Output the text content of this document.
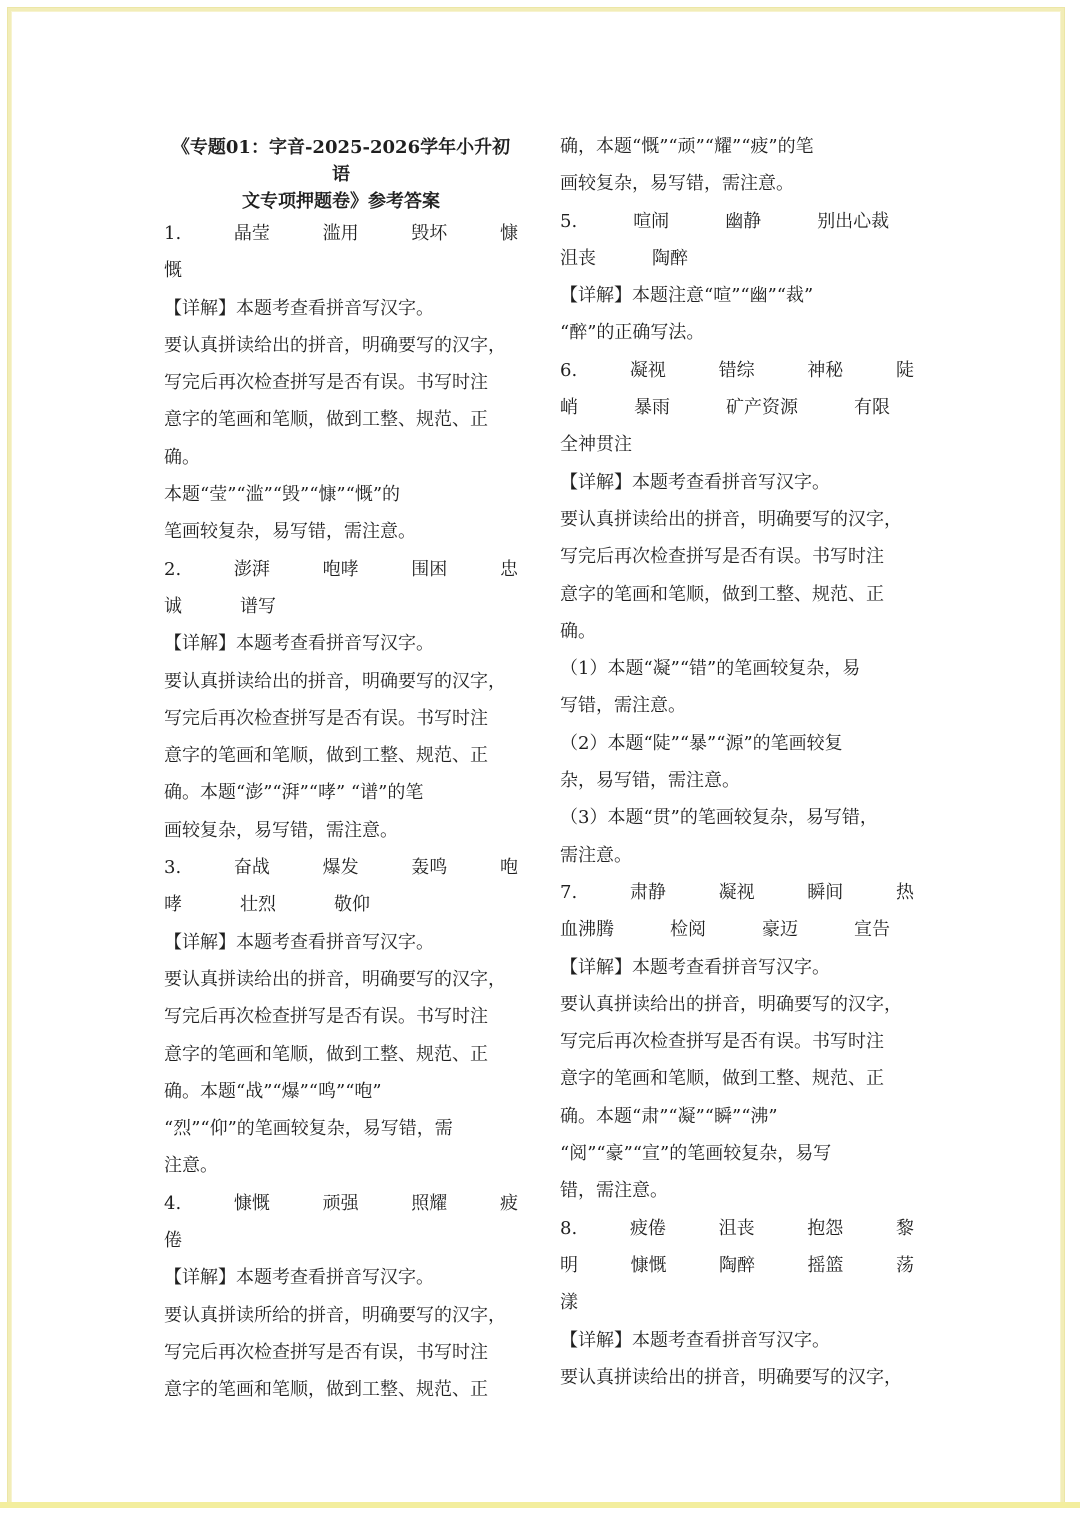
《专题01：字音-2025-2026学年小升初语
文专项押题卷》参考答案
1.	晶莹	滥用	毁坏	慷
慨
【详解】本题考查看拼音写汉字。
要认真拼读给出的拼音，明确要写的汉字，
写完后再次检查拼写是否有误。书写时注
意字的笔画和笔顺，做到工整、规范、正
确。
本题“莹”“滥”“毁”“慷”“慨”的
笔画较复杂，易写错，需注意。
2.	澎湃	咆哮	围困	忠
诚	谱写
【详解】本题考查看拼音写汉字。
要认真拼读给出的拼音，明确要写的汉字，
写完后再次检查拼写是否有误。书写时注
意字的笔画和笔顺，做到工整、规范、正
确。本题“澎”“湃”“哮” “谱”的笔
画较复杂，易写错，需注意。
3.	奋战	爆发	轰鸣	咆
哮	壮烈	敬仰
【详解】本题考查看拼音写汉字。
要认真拼读给出的拼音，明确要写的汉字，
写完后再次检查拼写是否有误。书写时注
意字的笔画和笔顺，做到工整、规范、正
确。本题“战”“爆”“鸣”“咆”
“烈”“仰”的笔画较复杂，易写错，需
注意。
4.	慷慨	顽强	照耀	疲
倦
【详解】本题考查看拼音写汉字。
要认真拼读所给的拼音，明确要写的汉字，
写完后再次检查拼写是否有误，书写时注
意字的笔画和笔顺，做到工整、规范、正
确，本题“慨”“顽”“耀”“疲”的笔
画较复杂，易写错，需注意。
5.	喧闹	幽静	别出心裁
沮丧	陶醉
【详解】本题注意“喧”“幽”“裁”
“醉”的正确写法。
6.	凝视	错综	神秘	陡
峭	暴雨	矿产资源	有限
全神贯注
【详解】本题考查看拼音写汉字。
要认真拼读给出的拼音，明确要写的汉字，
写完后再次检查拼写是否有误。书写时注
意字的笔画和笔顺，做到工整、规范、正
确。
（1）本题“凝”“错”的笔画较复杂，易
写错，需注意。
（2）本题“陡”“暴”“源”的笔画较复
杂，易写错，需注意。
（3）本题“贯”的笔画较复杂，易写错，
需注意。
7.	肃静	凝视	瞬间	热
血沸腾	检阅	豪迈	宣告
【详解】本题考查看拼音写汉字。
要认真拼读给出的拼音，明确要写的汉字，
写完后再次检查拼写是否有误。书写时注
意字的笔画和笔顺，做到工整、规范、正
确。本题“肃”“凝”“瞬”“沸”
“阅”“豪”“宣”的笔画较复杂，易写
错，需注意。
8.	疲倦	沮丧	抱怨	黎
明	慷慨	陶醉	摇篮	荡
漾
【详解】本题考查看拼音写汉字。
要认真拼读给出的拼音，明确要写的汉字，
